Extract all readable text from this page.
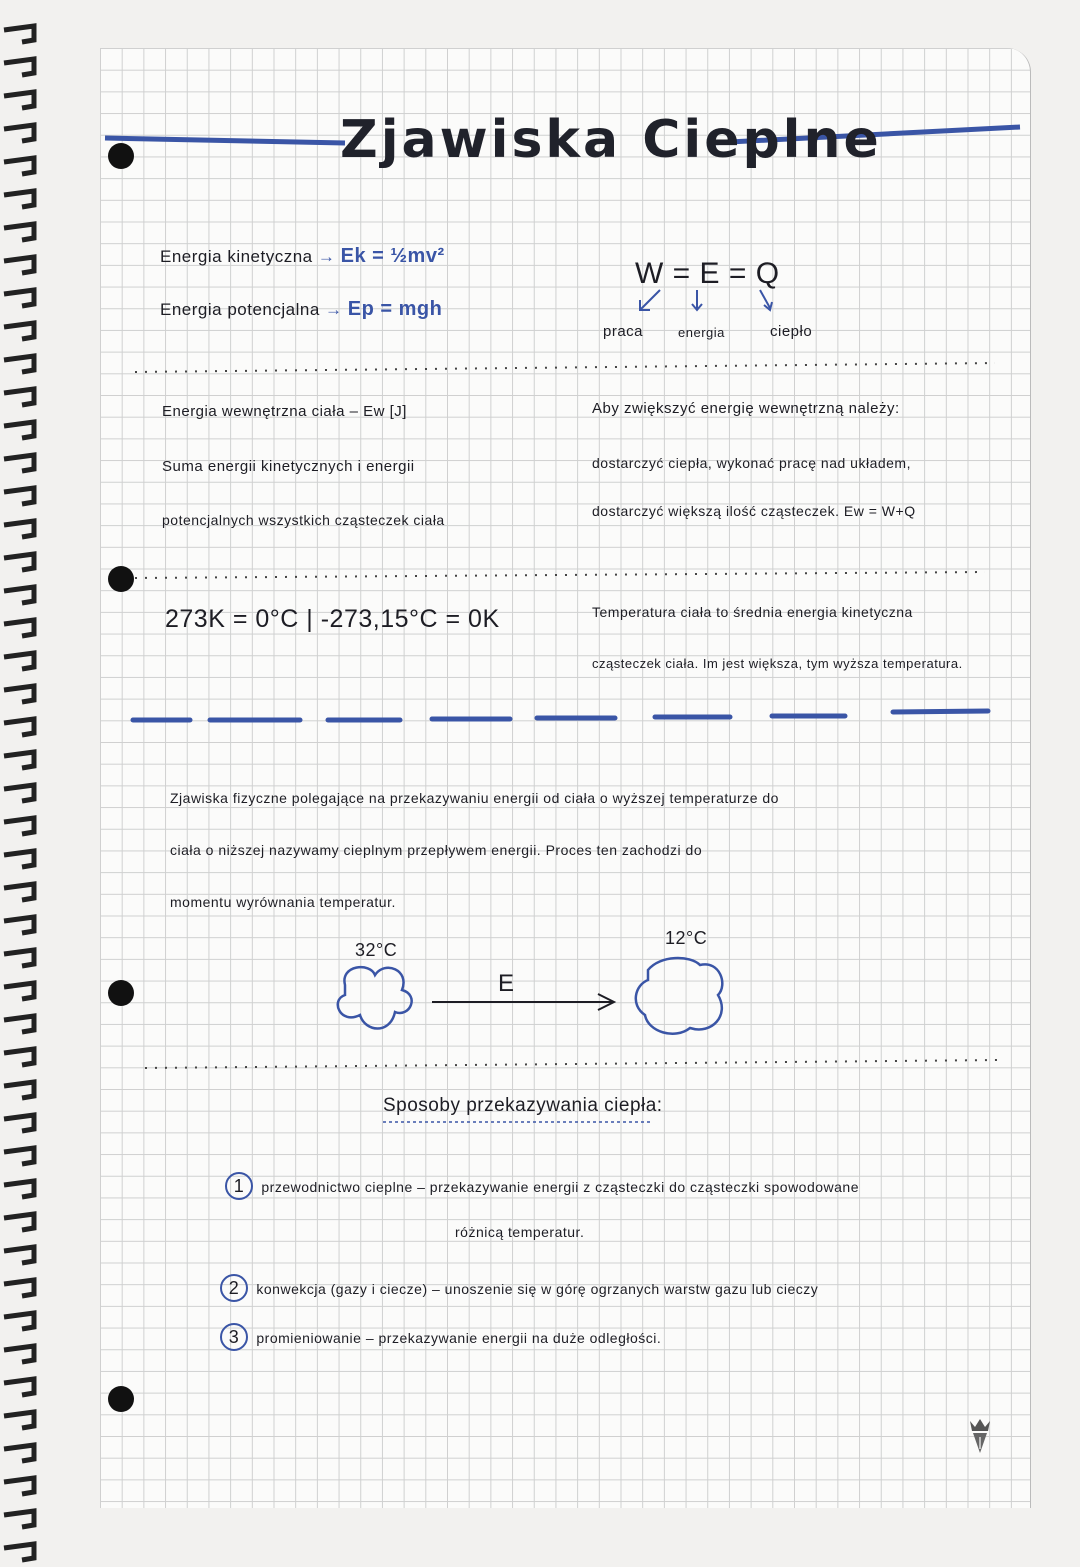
Zjawiska Cieplne
Energia kinetyczna → Ek = ½mv²
Energia potencjalna → Ep = mgh
W = E = Q
praca	energia	ciepło
Energia wewnętrzna ciała – Ew [J]
Suma energii kinetycznych i energii
potencjalnych wszystkich cząsteczek ciała
Aby zwiększyć energię wewnętrzną należy:
dostarczyć ciepła, wykonać pracę nad układem,
dostarczyć większą ilość cząsteczek. Ew = W+Q
273K = 0°C | -273,15°C = 0K	Temperatura ciała to średnia energia kinetyczna
cząsteczek ciała. Im jest większa, tym wyższa temperatura.
Zjawiska fizyczne polegające na przekazywaniu energii od ciała o wyższej temperaturze do
ciała o niższej nazywamy cieplnym przepływem energii. Proces ten zachodzi do
momentu wyrównania temperatur.
32°C
12°C
E
Sposoby przekazywania ciepła:
1 przewodnictwo cieplne – przekazywanie energii z cząsteczki do cząsteczki spowodowane
różnicą temperatur.
2 konwekcja (gazy i ciecze) – unoszenie się w górę ogrzanych warstw gazu lub cieczy
3 promieniowanie – przekazywanie energii na duże odległości.
